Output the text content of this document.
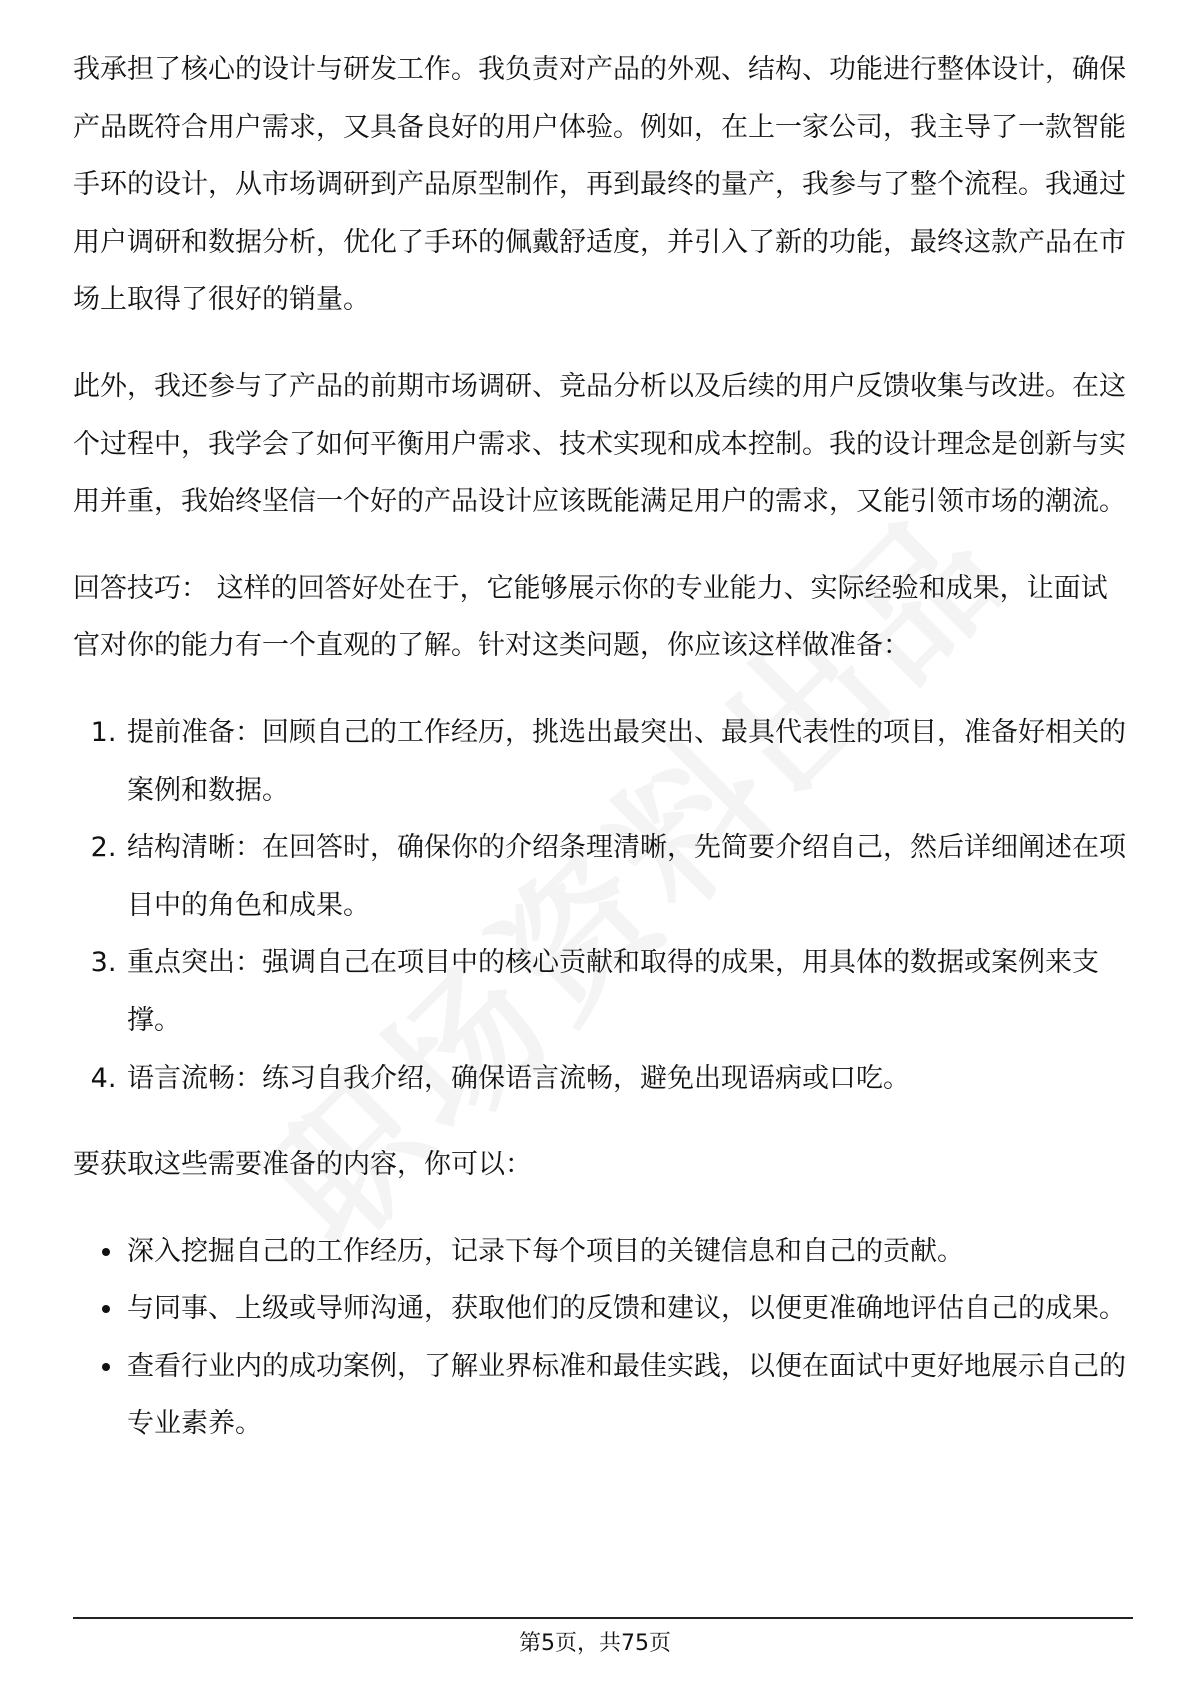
我承担了核心的设计与研发工作。我负责对产品的外观、结构、功能进行整体设计，确保产品既符合用户需求，又具备良好的用户体验。例如，在上一家公司，我主导了一款智能手环的设计，从市场调研到产品原型制作，再到最终的量产，我参与了整个流程。我通过用户调研和数据分析，优化了手环的佩戴舒适度，并引入了新的功能，最终这款产品在市场上取得了很好的销量。

此外，我还参与了产品的前期市场调研、竞品分析以及后续的用户反馈收集与改进。在这个过程中，我学会了如何平衡用户需求、技术实现和成本控制。我的设计理念是创新与实用并重，我始终坚信一个好的产品设计应该既能满足用户的需求，又能引领市场的潮流。

回答技巧： 这样的回答好处在于，它能够展示你的专业能力、实际经验和成果，让面试官对你的能力有一个直观的了解。针对这类问题，你应该这样做准备：

1. 提前准备：回顾自己的工作经历，挑选出最突出、最具代表性的项目，准备好相关的案例和数据。
2. 结构清晰：在回答时，确保你的介绍条理清晰，先简要介绍自己，然后详细阐述在项目中的角色和成果。
3. 重点突出：强调自己在项目中的核心贡献和取得的成果，用具体的数据或案例来支撑。
4. 语言流畅：练习自我介绍，确保语言流畅，避免出现语病或口吃。

要获取这些需要准备的内容，你可以：

• 深入挖掘自己的工作经历，记录下每个项目的关键信息和自己的贡献。
• 与同事、上级或导师沟通，获取他们的反馈和建议，以便更准确地评估自己的成果。
• 查看行业内的成功案例，了解业界标准和最佳实践，以便在面试中更好地展示自己的专业素养。
第5页，共75页
